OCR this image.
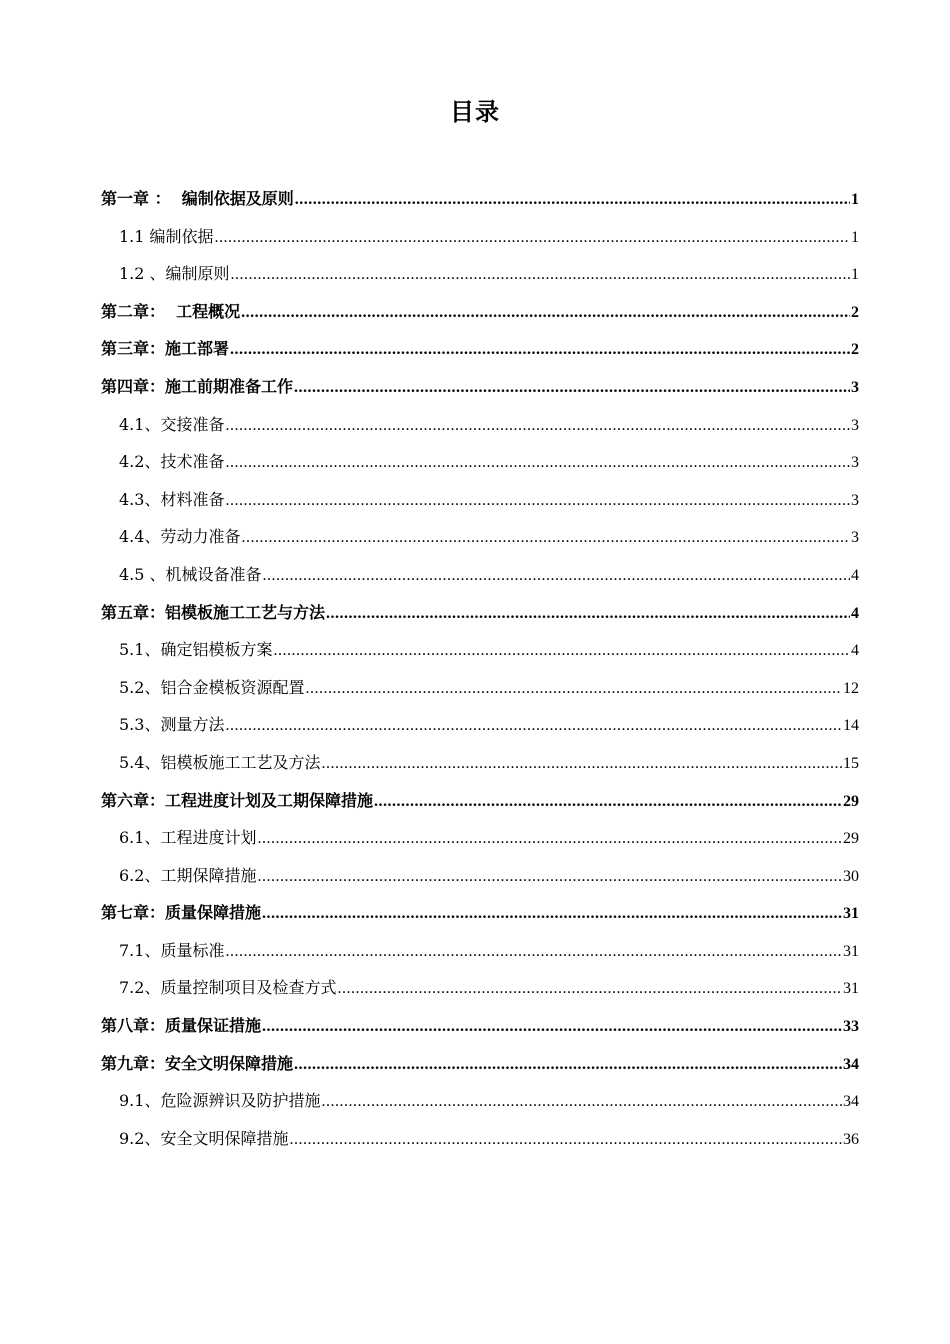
目录
第一章 ：  编制依据及原则 .....	1
1.1 编制依据 .....	1
1.2 、编制原则 .....	1
第二章：  工程概况 .....	2
第三章：施工部署 .....	2
第四章：施工前期准备工作 .....	3
4.1、交接准备 .....	3
4.2、技术准备 .....	3
4.3、材料准备 .....	3
4.4、劳动力准备 .....	3
4.5 、机械设备准备 .....	4
第五章：铝模板施工工艺与方法 .....	4
5.1、确定铝模板方案 .....	4
5.2、铝合金模板资源配置 .....	12
5.3、测量方法 .....	14
5.4、铝模板施工工艺及方法 .....	15
第六章：工程进度计划及工期保障措施 .....	29
6.1、工程进度计划 .....	29
6.2、工期保障措施 .....	30
第七章：质量保障措施 .....	31
7.1、质量标准 .....	31
7.2、质量控制项目及检查方式 .....	31
第八章：质量保证措施 .....	33
第九章：安全文明保障措施 .....	34
9.1、危险源辨识及防护措施 .....	34
9.2、安全文明保障措施 .....	36
